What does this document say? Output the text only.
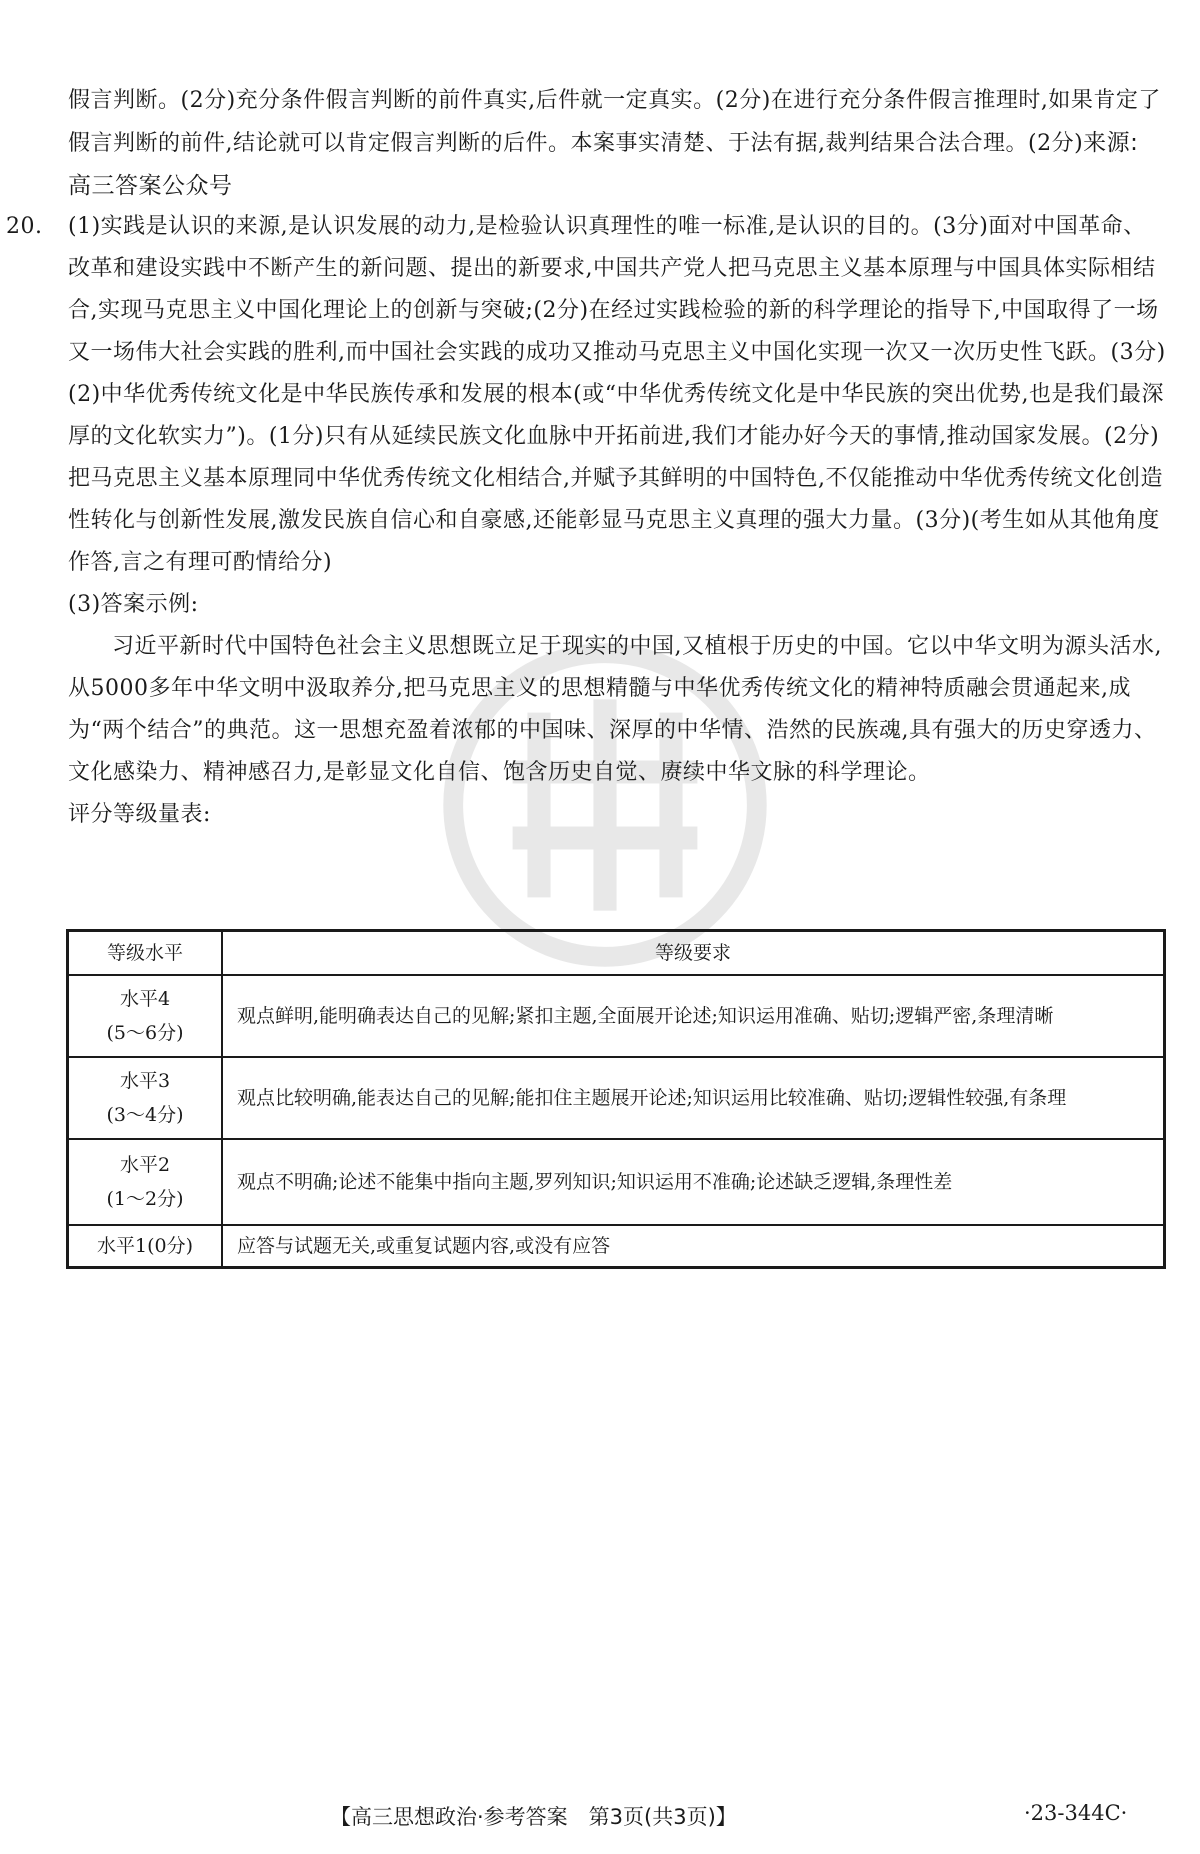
假言判断。(2分)充分条件假言判断的前件真实,后件就一定真实。(2分)在进行充分条件假言推理时,如果肯定了假言判断的前件,结论就可以肯定假言判断的后件。本案事实清楚、于法有据,裁判结果合法合理。(2分)来源: 高三答案公众号
20. (1)实践是认识的来源,是认识发展的动力,是检验认识真理性的唯一标准,是认识的目的。(3分)面对中国革命、改革和建设实践中不断产生的新问题、提出的新要求,中国共产党人把马克思主义基本原理与中国具体实际相结合,实现马克思主义中国化理论上的创新与突破;(2分)在经过实践检验的新的科学理论的指导下,中国取得了一场又一场伟大社会实践的胜利,而中国社会实践的成功又推动马克思主义中国化实现一次又一次历史性飞跃。(3分)
(2)中华优秀传统文化是中华民族传承和发展的根本(或“中华优秀传统文化是中华民族的突出优势,也是我们最深厚的文化软实力”)。(1分)只有从延续民族文化血脉中开拓前进,我们才能办好今天的事情,推动国家发展。(2分)把马克思主义基本原理同中华优秀传统文化相结合,并赋予其鲜明的中国特色,不仅能推动中华优秀传统文化创造性转化与创新性发展,激发民族自信心和自豪感,还能彰显马克思主义真理的强大力量。(3分)(考生如从其他角度作答,言之有理可酌情给分)
(3)答案示例:
习近平新时代中国特色社会主义思想既立足于现实的中国,又植根于历史的中国。它以中华文明为源头活水,从5000多年中华文明中汲取养分,把马克思主义的思想精髓与中华优秀传统文化的精神特质融会贯通起来,成为“两个结合”的典范。这一思想充盈着浓郁的中国味、深厚的中华情、浩然的民族魂,具有强大的历史穿透力、文化感染力、精神感召力,是彰显文化自信、饱含历史自觉、赓续中华文脉的科学理论。
评分等级量表:
等级水平	等级要求

水平4
(5～6分)	观点鲜明,能明确表达自己的见解;紧扣主题,全面展开论述;知识运用准确、贴切;逻辑严密,条理清晰

水平3
(3～4分)	观点比较明确,能表达自己的见解;能扣住主题展开论述;知识运用比较准确、贴切;逻辑性较强,有条理

水平2
(1～2分)	观点不明确;论述不能集中指向主题,罗列知识;知识运用不准确;论述缺乏逻辑,条理性差

水平1(0分)	应答与试题无关,或重复试题内容,或没有应答
【高三思想政治·参考答案　第3页(共3页)】	·23-344C·
